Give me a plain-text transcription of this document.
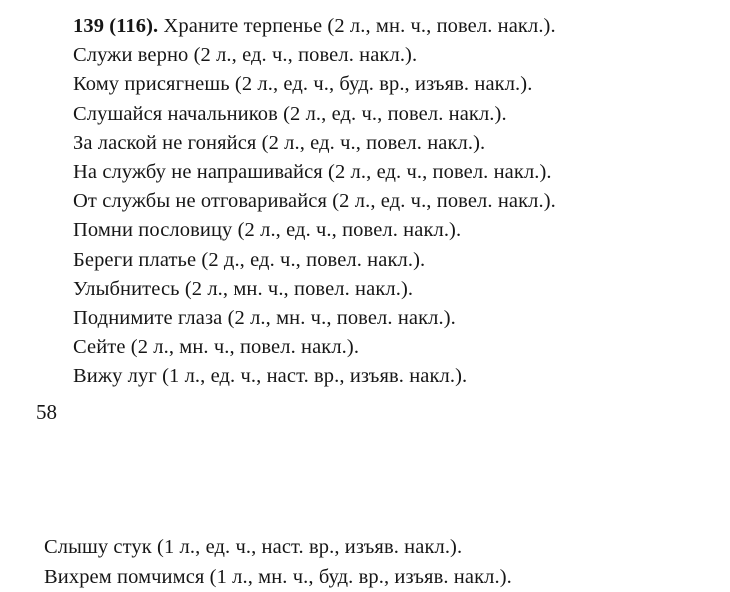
139 (116). Храните терпенье (2 л., мн. ч., повел. накл.).
Служи верно (2 л., ед. ч., повел. накл.).
Кому присягнешь (2 л., ед. ч., буд. вр., изъяв. накл.).
Слушайся начальников (2 л., ед. ч., повел. накл.).
За лаской не гоняйся (2 л., ед. ч., повел. накл.).
На службу не напрашивайся (2 л., ед. ч., повел. накл.).
От службы не отговаривайся (2 л., ед. ч., повел. накл.).
Помни пословицу (2 л., ед. ч., повел. накл.).
Береги платье (2 д., ед. ч., повел. накл.).
Улыбнитесь (2 л., мн. ч., повел. накл.).
Поднимите глаза (2 л., мн. ч., повел. накл.).
Сейте (2 л., мн. ч., повел. накл.).
Вижу луг (1 л., ед. ч., наст. вр., изъяв. накл.).
58
Слышу стук (1 л., ед. ч., наст. вр., изъяв. накл.).
Вихрем помчимся (1 л., мн. ч., буд. вр., изъяв. накл.).
